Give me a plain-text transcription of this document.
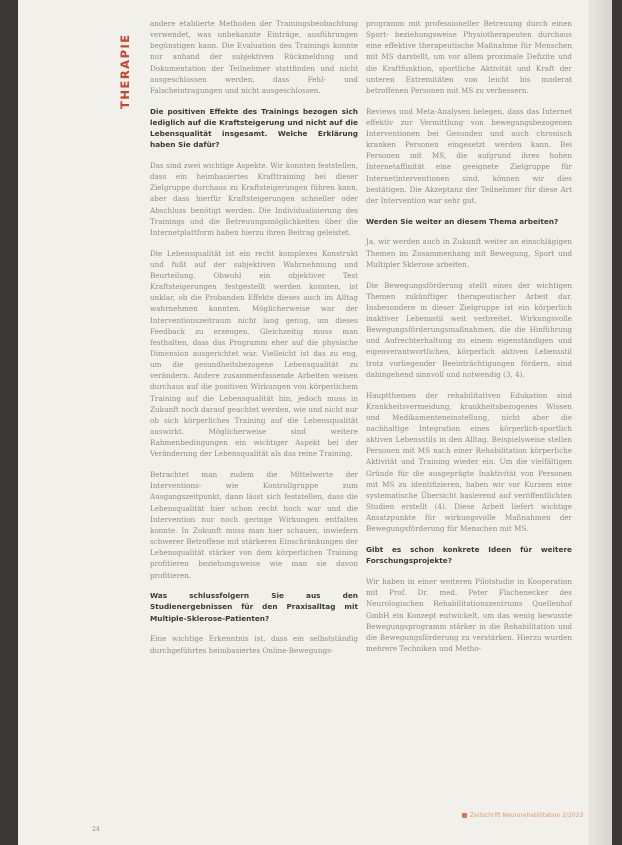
THERAPIE

andere etablierte Methoden der Trainingsbeobachtung verwendet, was unbekannte Einträge, ausführungen begünstigen kann. Die Evaluation des Trainings konnte nur anhand der subjektiven Rückmeldung und Dokumentation der Teilnehmer stattfinden und nicht ausgeschlossen werden, dass Fehl- und Falscheintragungen und nicht ausgeschlossen.

Die positiven Effekte des Trainings bezogen sich lediglich auf die Kraftsteigerung und nicht auf die Lebensqualität insgesamt. Welche Erklärung haben Sie dafür?

Das sind zwei wichtige Aspekte. Wir konnten feststellen, dass ein heimbasiertes Krafttraining bei dieser Zielgruppe durchaus zu Kraftsteigerungen führen kann, aber dass hierfür Kraftsteigerungen schneller oder Abschluss benötigt werden. Die Individualisierung des Trainings und die Betreuungsmöglichkeiten über die Internetplattform haben hierzu ihren Beitrag geleistet.

Die Lebensqualität ist ein recht komplexes Konstrukt und fußt auf der subjektiven Wahrnehmung und Beurteilung. Obwohl ein objektiver Test Kraftsteigerungen festgestellt werden konnten, ist unklar, ob die Probanden Effekte dieses auch im Alltag wahrnehmen konnten. Möglicherweise war der Interventionszeitraum nicht lang genug, um dieses Feedback zu erzeugen. Gleichzeitig muss man festhalten, dass das Programm eher auf die physische Dimension ausgerichtet war. Vielleicht ist das zu eng, um die gesundheitsbezogene Lebensqualität zu verändern. Andere zusammenfassende Arbeiten weisen durchaus auf die positiven Wirkungen von körperlichem Training auf die Lebensqualität hin, jedoch muss in Zukunft noch darauf geachtet werden, wie und nicht nur ob sich körperliches Training auf die Lebensqualität auswirkt. Möglicherweise sind weitere Rahmenbedingungen ein wichtiger Aspekt bei der Veränderung der Lebensqualität als das reine Training.

Betrachtet man zudem die Mittelwerte der Interventions- wie Kontrollgruppe zum Ausgangszeitpunkt, dann lässt sich feststellen, dass die Lebensqualität hier schon recht hoch war und die Intervention nur noch geringe Wirkungen entfalten konnte. In Zukunft muss man hier schauen, inwiefern schwerer Betroffene mit stärkeren Einschränkungen der Lebensqualität stärker von dem körperlichen Training profitieren beziehungsweise wie man sie davon profitieren.

Was schlussfolgern Sie aus den Studienergebnissen für den Praxisalltag mit Multiple-Sklerose-Patienten?

Eine wichtige Erkenntnis ist, dass ein selbstständig durchgeführtes heimbasiertes Online-Bewegungs-

programm mit professioneller Betreuung durch einen Sport- beziehungsweise Physiotherapeuten durchaus eine effektive therapeutische Maßnahme für Menschen mit MS darstellt, um vor allem proximale Defizite und die Kraftfunktion, sportliche Aktivität und Kraft der unteren Extremitäten von leicht bis moderat betroffenen Personen mit MS zu verbessern.

Reviews und Meta-Analysen belegen, dass das Internet effektiv zur Vermittlung von bewegungsbezogenen Interventionen bei Gesunden und auch chronisch kranken Personen eingesetzt werden kann. Bei Personen mit MS, die aufgrund ihres hohen Internetaffinität eine geeignete Zielgruppe für Internetinterventionen sind, können wir dies bestätigen. Die Akzeptanz der Teilnehmer für diese Art der Intervention war sehr gut.

Werden Sie weiter an diesem Thema arbeiten?

Ja, wir werden auch in Zukunft weiter an einschlägigen Themen im Zusammenhang mit Bewegung, Sport und Multipler Sklerose arbeiten.

Die Bewegungsförderung stellt eines der wichtigen Themen zukünftiger therapeutischer Arbeit dar. Insbesondere in dieser Zielgruppe ist ein körperlich inaktiver Lebensstil weit verbreitet. Wirkungsvolle Bewegungsförderungsmaßnahmen, die die Hinführung und Aufrechterhaltung zu einem eigenständigen und eigenverantwortlichen, körperlich aktiven Lebensstil trotz vorliegender Beeinträchtigungen fördern, sind dahingehend sinnvoll und notwendig (3, 4).

Hauptthemen der rehabilitativen Edukation sind Krankheitsvermeidung, krankheitsbezogenes Wissen und Medikamenteneinstellung, nicht aber die nachhaltige Integration eines körperlich-sportlich aktiven Lebensstils in den Alltag. Beispielsweise stellen Personen mit MS nach einer Rehabilitation körperliche Aktivität und Training wieder ein. Um die vielfältigen Gründe für die ausgeprägte Inaktivität von Personen mit MS zu identifizieren, haben wir vor Kurzem eine systematische Übersicht basierend auf veröffentlichten Studien erstellt (4). Diese Arbeit liefert wichtige Ansatzpunkte für wirkungsvolle Maßnahmen der Bewegungsförderung für Menschen mit MS.

Gibt es schon konkrete Ideen für weitere Forschungsprojekte?

Wir haben in einer weiteren Pilotstudie in Kooperation mit Prof. Dr. med. Peter Flachenecker des Neurologischen Rehabilitationszentrums Quellenhof GmbH ein Konzept entwickelt, um das wenig bewusste Bewegungsprogramm stärker in die Rehabilitation und die Bewegungsförderung zu verstärken. Hierzu wurden mehrere Techniken und Metho-

24
Zeitschrift Neurorehabilitation 2/2023
